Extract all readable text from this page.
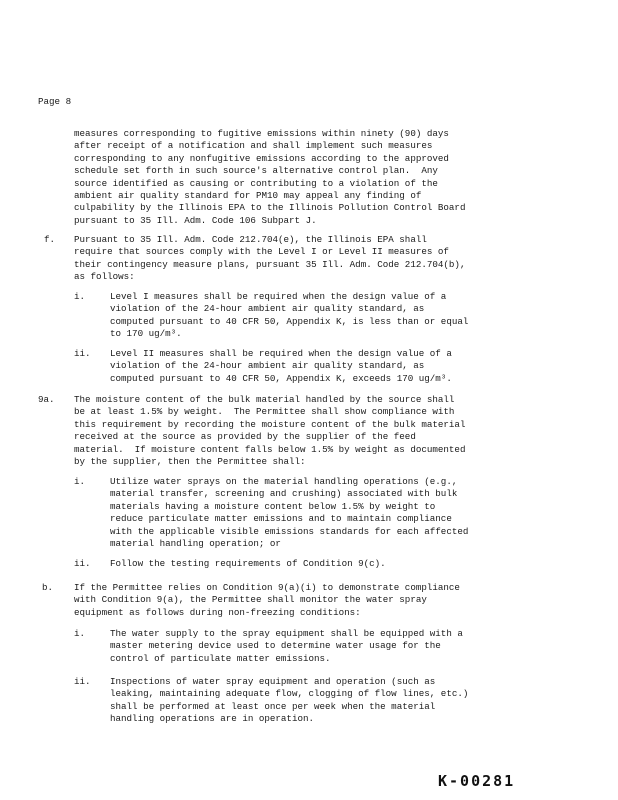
Page 8
measures corresponding to fugitive emissions within ninety (90) days
after receipt of a notification and shall implement such measures
corresponding to any nonfugitive emissions according to the approved
schedule set forth in such source's alternative control plan.  Any
source identified as causing or contributing to a violation of the
ambient air quality standard for PM10 may appeal any finding of
culpability by the Illinois EPA to the Illinois Pollution Control Board
pursuant to 35 Ill. Adm. Code 106 Subpart J.
f. Pursuant to 35 Ill. Adm. Code 212.704(e), the Illinois EPA shall
require that sources comply with the Level I or Level II measures of
their contingency measure plans, pursuant 35 Ill. Adm. Code 212.704(b),
as follows:
i.	Level I measures shall be required when the design value of a
violation of the 24-hour ambient air quality standard, as
computed pursuant to 40 CFR 50, Appendix K, is less than or equal
to 170 ug/m³.
ii. Level II measures shall be required when the design value of a
violation of the 24-hour ambient air quality standard, as
computed pursuant to 40 CFR 50, Appendix K, exceeds 170 ug/m³.
9a. The moisture content of the bulk material handled by the source shall
be at least 1.5% by weight.  The Permittee shall show compliance with
this requirement by recording the moisture content of the bulk material
received at the source as provided by the supplier of the feed
material.  If moisture content falls below 1.5% by weight as documented
by the supplier, then the Permittee shall:
i.	Utilize water sprays on the material handling operations (e.g.,
material transfer, screening and crushing) associated with bulk
materials having a moisture content below 1.5% by weight to
reduce particulate matter emissions and to maintain compliance
with the applicable visible emissions standards for each affected
material handling operation; or
ii. Follow the testing requirements of Condition 9(c).
b. If the Permittee relies on Condition 9(a)(i) to demonstrate compliance
with Condition 9(a), the Permittee shall monitor the water spray
equipment as follows during non-freezing conditions:
i.	The water supply to the spray equipment shall be equipped with a
master metering device used to determine water usage for the
control of particulate matter emissions.
ii. Inspections of water spray equipment and operation (such as
leaking, maintaining adequate flow, clogging of flow lines, etc.)
shall be performed at least once per week when the material
handling operations are in operation.
K-00281
